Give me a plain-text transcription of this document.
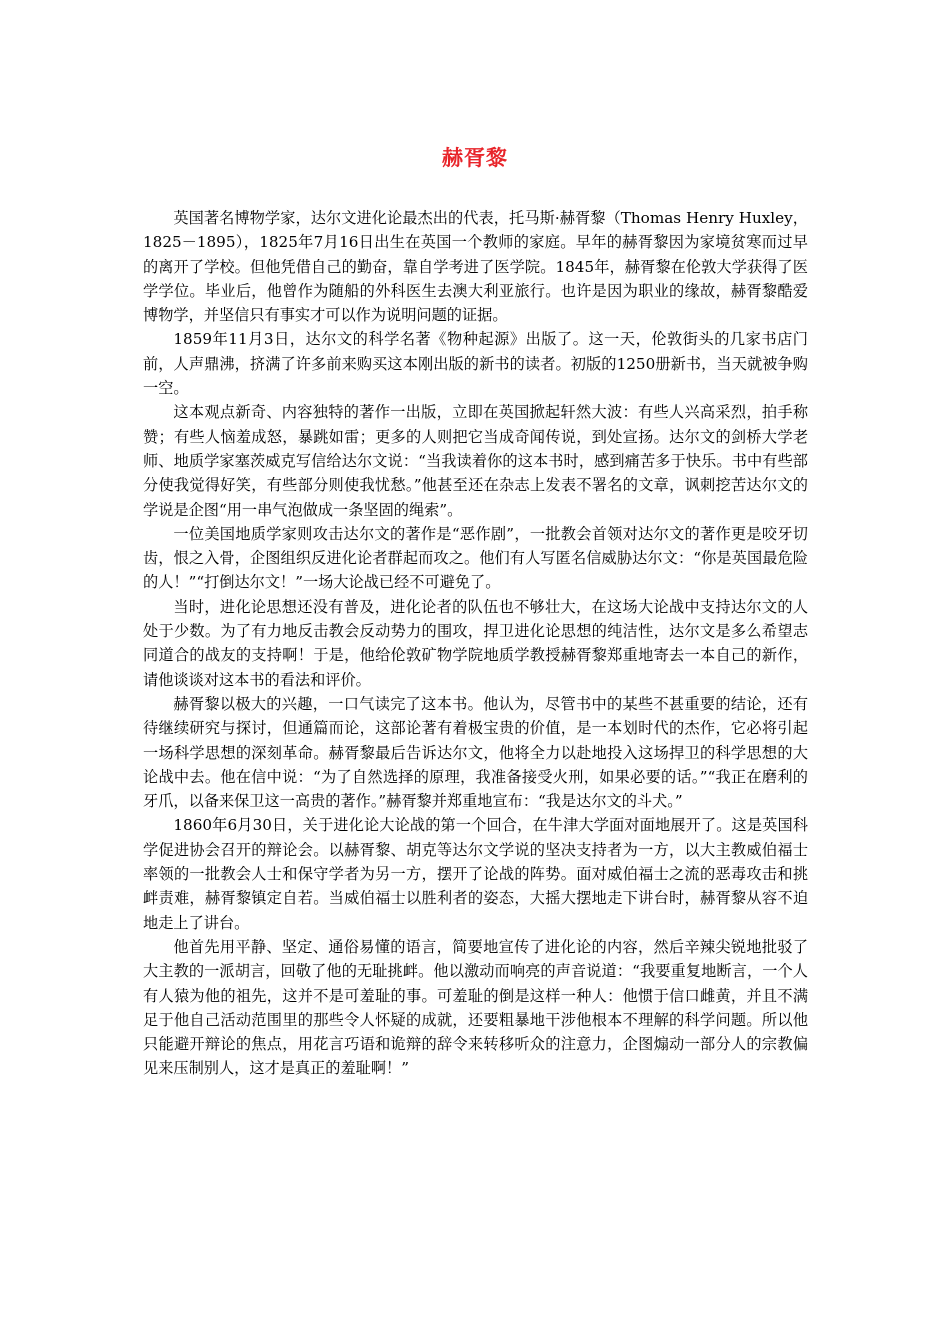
赫胥黎

英国著名博物学家，达尔文进化论最杰出的代表，托马斯·赫胥黎（Thomas Henry Huxley，1825－1895），1825年7月16日出生在英国一个教师的家庭。早年的赫胥黎因为家境贫寒而过早的离开了学校。但他凭借自己的勤奋，靠自学考进了医学院。1845年，赫胥黎在伦敦大学获得了医学学位。毕业后，他曾作为随船的外科医生去澳大利亚旅行。也许是因为职业的缘故，赫胥黎酷爱博物学，并坚信只有事实才可以作为说明问题的证据。

1859年11月3日，达尔文的科学名著《物种起源》出版了。这一天，伦敦街头的几家书店门前，人声鼎沸，挤满了许多前来购买这本刚出版的新书的读者。初版的1250册新书，当天就被争购一空。

这本观点新奇、内容独特的著作一出版，立即在英国掀起轩然大波：有些人兴高采烈，拍手称赞；有些人恼羞成怒，暴跳如雷；更多的人则把它当成奇闻传说，到处宣扬。达尔文的剑桥大学老师、地质学家塞茨威克写信给达尔文说：“当我读着你的这本书时，感到痛苦多于快乐。书中有些部分使我觉得好笑，有些部分则使我忧愁。”他甚至还在杂志上发表不署名的文章，讽刺挖苦达尔文的学说是企图“用一串气泡做成一条坚固的绳索”。

一位美国地质学家则攻击达尔文的著作是“恶作剧”，一批教会首领对达尔文的著作更是咬牙切齿，恨之入骨，企图组织反进化论者群起而攻之。他们有人写匿名信威胁达尔文：“你是英国最危险的人！”“打倒达尔文！”一场大论战已经不可避免了。

当时，进化论思想还没有普及，进化论者的队伍也不够壮大，在这场大论战中支持达尔文的人处于少数。为了有力地反击教会反动势力的围攻，捍卫进化论思想的纯洁性，达尔文是多么希望志同道合的战友的支持啊！于是，他给伦敦矿物学院地质学教授赫胥黎郑重地寄去一本自己的新作，请他谈谈对这本书的看法和评价。

赫胥黎以极大的兴趣，一口气读完了这本书。他认为，尽管书中的某些不甚重要的结论，还有待继续研究与探讨，但通篇而论，这部论著有着极宝贵的价值，是一本划时代的杰作，它必将引起一场科学思想的深刻革命。赫胥黎最后告诉达尔文，他将全力以赴地投入这场捍卫的科学思想的大论战中去。他在信中说：“为了自然选择的原理，我准备接受火刑，如果必要的话。”“我正在磨利的牙爪，以备来保卫这一高贵的著作。”赫胥黎并郑重地宣布：“我是达尔文的斗犬。”

1860年6月30日，关于进化论大论战的第一个回合，在牛津大学面对面地展开了。这是英国科学促进协会召开的辩论会。以赫胥黎、胡克等达尔文学说的坚决支持者为一方，以大主教威伯福士率领的一批教会人士和保守学者为另一方，摆开了论战的阵势。面对威伯福士之流的恶毒攻击和挑衅责难，赫胥黎镇定自若。当威伯福士以胜利者的姿态，大摇大摆地走下讲台时，赫胥黎从容不迫地走上了讲台。

他首先用平静、坚定、通俗易懂的语言，简要地宣传了进化论的内容，然后辛辣尖锐地批驳了大主教的一派胡言，回敬了他的无耻挑衅。他以激动而响亮的声音说道：“我要重复地断言，一个人有人猿为他的祖先，这并不是可羞耻的事。可羞耻的倒是这样一种人：他惯于信口雌黄，并且不满足于他自己活动范围里的那些令人怀疑的成就，还要粗暴地干涉他根本不理解的科学问题。所以他只能避开辩论的焦点，用花言巧语和诡辩的辞令来转移听众的注意力，企图煽动一部分人的宗教偏见来压制别人，这才是真正的羞耻啊！”
